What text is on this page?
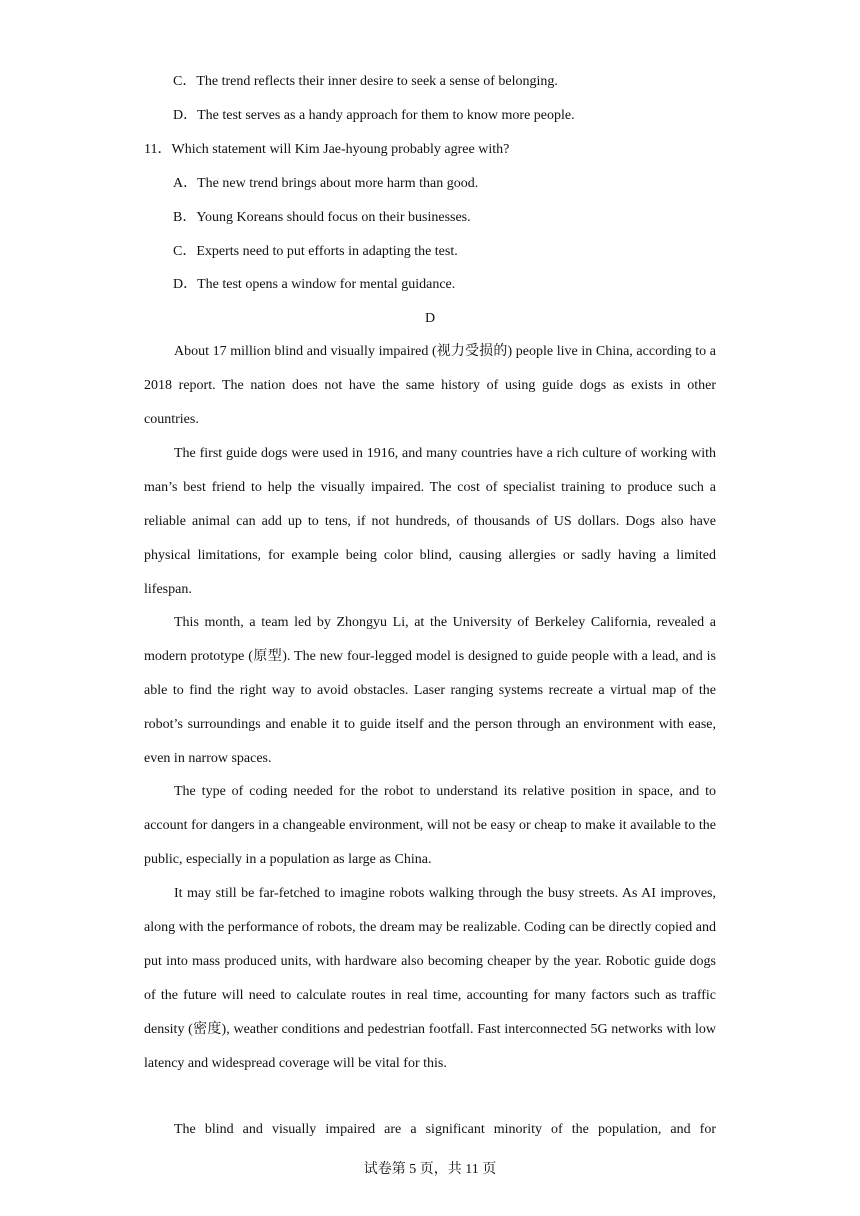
C．The trend reflects their inner desire to seek a sense of belonging.
D．The test serves as a handy approach for them to know more people.
11．Which statement will Kim Jae-hyoung probably agree with?
A．The new trend brings about more harm than good.
B．Young Koreans should focus on their businesses.
C．Experts need to put efforts in adapting the test.
D．The test opens a window for mental guidance.
D

About 17 million blind and visually impaired (视力受损的) people live in China, according to a 2018 report. The nation does not have the same history of using guide dogs as exists in other countries.

The first guide dogs were used in 1916, and many countries have a rich culture of working with man’s best friend to help the visually impaired. The cost of specialist training to produce such a reliable animal can add up to tens, if not hundreds, of thousands of US dollars. Dogs also have physical limitations, for example being color blind, causing allergies or sadly having a limited lifespan.

This month, a team led by Zhongyu Li, at the University of Berkeley California, revealed a modern prototype (原型). The new four-legged model is designed to guide people with a lead, and is able to find the right way to avoid obstacles. Laser ranging systems recreate a virtual map of the robot’s surroundings and enable it to guide itself and the person through an environment with ease, even in narrow spaces.

The type of coding needed for the robot to understand its relative position in space, and to account for dangers in a changeable environment, will not be easy or cheap to make it available to the public, especially in a population as large as China.

It may still be far-fetched to imagine robots walking through the busy streets. As AI improves, along with the performance of robots, the dream may be realizable. Coding can be directly copied and put into mass produced units, with hardware also becoming cheaper by the year. Robotic guide dogs of the future will need to calculate routes in real time, accounting for many factors such as traffic density (密度), weather conditions and pedestrian footfall. Fast interconnected 5G networks with low latency and widespread coverage will be vital for this.

The blind and visually impaired are a significant minority of the population, and for

试卷第 5 页，共 11 页
